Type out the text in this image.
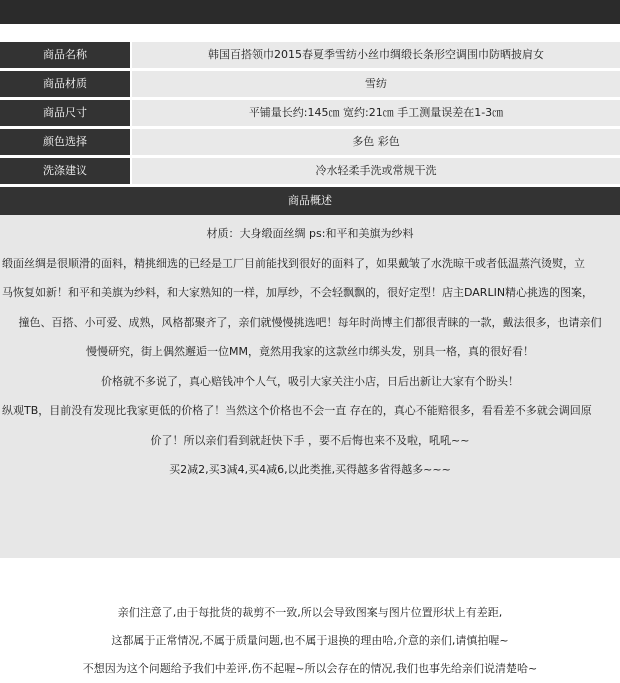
商品名称	韩国百搭领巾2015春夏季雪纺小丝巾绸缎长条形空调围巾防晒披肩女
商品材质	雪纺
商品尺寸	平铺量长约:145㎝ 宽约:21㎝ 手工测量误差在1-3㎝
颜色选择	多色 彩色
洗涤建议	冷水轻柔手洗或常规干洗
商品概述

材质：大身缎面丝绸 ps:和平和美旗为纱料

缎面丝绸是很顺滑的面料，精挑细选的已经是工厂目前能找到很好的面料了，如果戴皱了水洗晾干或者低温蒸汽烫熨，立

马恢复如新！和平和美旗为纱料，和大家熟知的一样，加厚纱，不会轻飘飘的，很好定型！店主DARLIN精心挑选的图案，

撞色、百搭、小可爱、成熟，风格都聚齐了，亲们就慢慢挑选吧！每年时尚博主们都很青睐的一款，戴法很多，也请亲们

慢慢研究，街上偶然邂逅一位MM，竟然用我家的这款丝巾绑头发，别具一格，真的很好看！

价格就不多说了，真心赔钱冲个人气，吸引大家关注小店，日后出新让大家有个盼头！

纵观TB，目前没有发现比我家更低的价格了！当然这个价格也不会一直 存在的，真心不能赔很多，看看差不多就会调回原

价了！所以亲们看到就赶快下手 ，要不后悔也来不及啦，吼吼~~

买2减2,买3减4,买4减6,以此类推,买得越多省得越多~~~

亲们注意了,由于每批货的裁剪不一致,所以会导致图案与图片位置形状上有差距,

这都属于正常情况,不属于质量问题,也不属于退换的理由哈,介意的亲们,请慎拍喔~

不想因为这个问题给予我们中差评,伤不起喔~所以会存在的情况,我们也事先给亲们说清楚哈~
